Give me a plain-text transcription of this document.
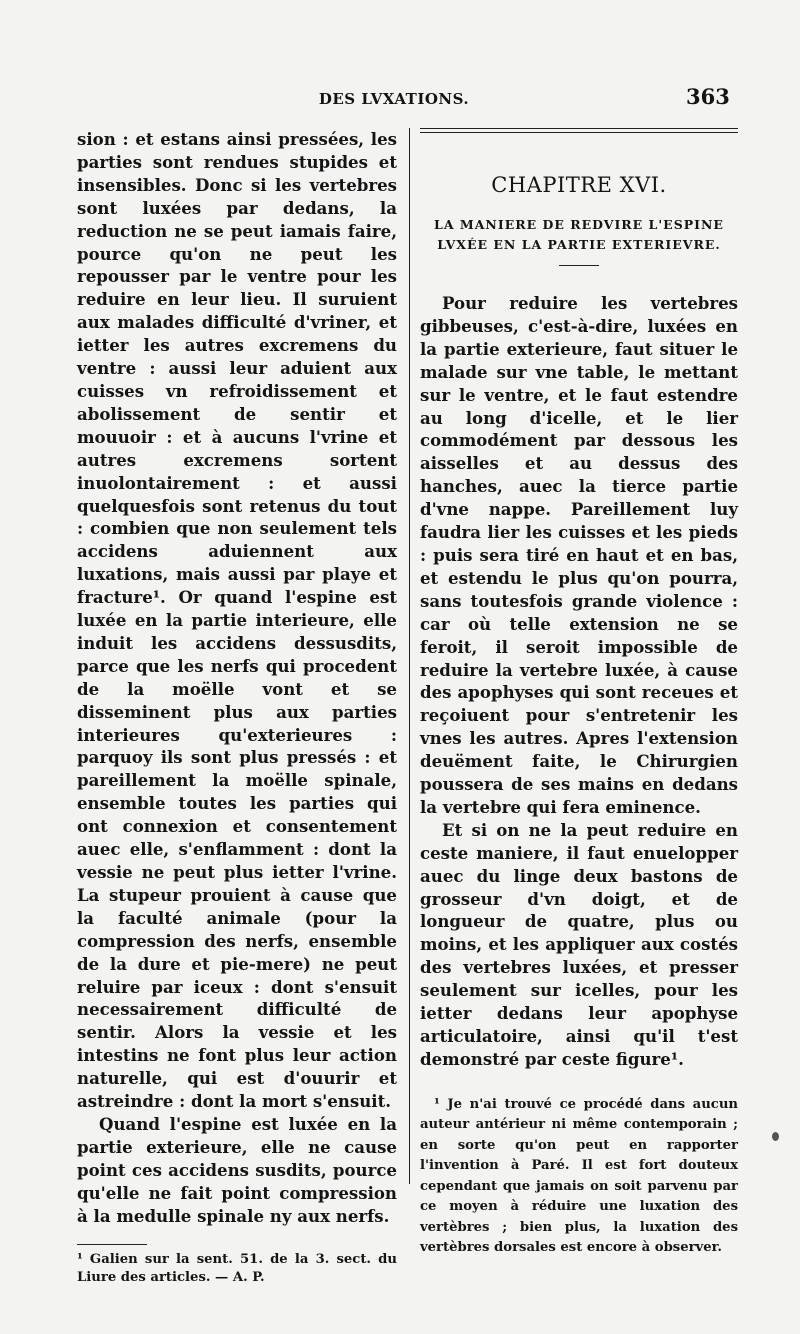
DES LVXATIONS.	363

sion : et estans ainsi pressées, les parties sont rendues stupides et insensibles. Donc si les vertebres sont luxées par dedans, la reduction ne se peut iamais faire, pource qu'on ne peut les repousser par le ventre pour les reduire en leur lieu. Il suruient aux malades difficulté d'vriner, et ietter les autres excremens du ventre : aussi leur aduient aux cuisses vn refroidissement et abolissement de sentir et mouuoir : et à aucuns l'vrine et autres excremens sortent inuolontairement : et aussi quelquesfois sont retenus du tout : combien que non seulement tels accidens aduiennent aux luxations, mais aussi par playe et fracture¹. Or quand l'espine est luxée en la partie interieure, elle induit les accidens dessusdits, parce que les nerfs qui procedent de la moëlle vont et se disseminent plus aux parties interieures qu'exterieures : parquoy ils sont plus pressés : et pareillement la moëlle spinale, ensemble toutes les parties qui ont connexion et consentement auec elle, s'enflamment : dont la vessie ne peut plus ietter l'vrine. La stupeur prouient à cause que la faculté animale (pour la compression des nerfs, ensemble de la dure et pie-mere) ne peut reluire par iceux : dont s'ensuit necessairement difficulté de sentir. Alors la vessie et les intestins ne font plus leur action naturelle, qui est d'ouurir et astreindre : dont la mort s'ensuit.

Quand l'espine est luxée en la partie exterieure, elle ne cause point ces accidens susdits, pource qu'elle ne fait point compression à la medulle spinale ny aux nerfs.

¹ Galien sur la sent. 51. de la 3. sect. du Liure des articles. — A. P.
CHAPITRE XVI.
LA MANIERE DE REDVIRE L'ESPINE LVXÉE EN LA PARTIE EXTERIEVRE.

Pour reduire les vertebres gibbeuses, c'est-à-dire, luxées en la partie exterieure, faut situer le malade sur vne table, le mettant sur le ventre, et le faut estendre au long d'icelle, et le lier commodément par dessous les aisselles et au dessus des hanches, auec la tierce partie d'vne nappe. Pareillement luy faudra lier les cuisses et les pieds : puis sera tiré en haut et en bas, et estendu le plus qu'on pourra, sans toutesfois grande violence : car où telle extension ne se feroit, il seroit impossible de reduire la vertebre luxée, à cause des apophyses qui sont receues et reçoiuent pour s'entretenir les vnes les autres. Apres l'extension deuëment faite, le Chirurgien poussera de ses mains en dedans la vertebre qui fera eminence.

Et si on ne la peut reduire en ceste maniere, il faut enuelopper auec du linge deux bastons de grosseur d'vn doigt, et de longueur de quatre, plus ou moins, et les appliquer aux costés des vertebres luxées, et presser seulement sur icelles, pour les ietter dedans leur apophyse articulatoire, ainsi qu'il t'est demonstré par ceste figure¹.

¹ Je n'ai trouvé ce procédé dans aucun auteur antérieur ni même contemporain ; en sorte qu'on peut en rapporter l'invention à Paré. Il est fort douteux cependant que jamais on soit parvenu par ce moyen à réduire une luxation des vertèbres ; bien plus, la luxation des vertèbres dorsales est encore à observer.
